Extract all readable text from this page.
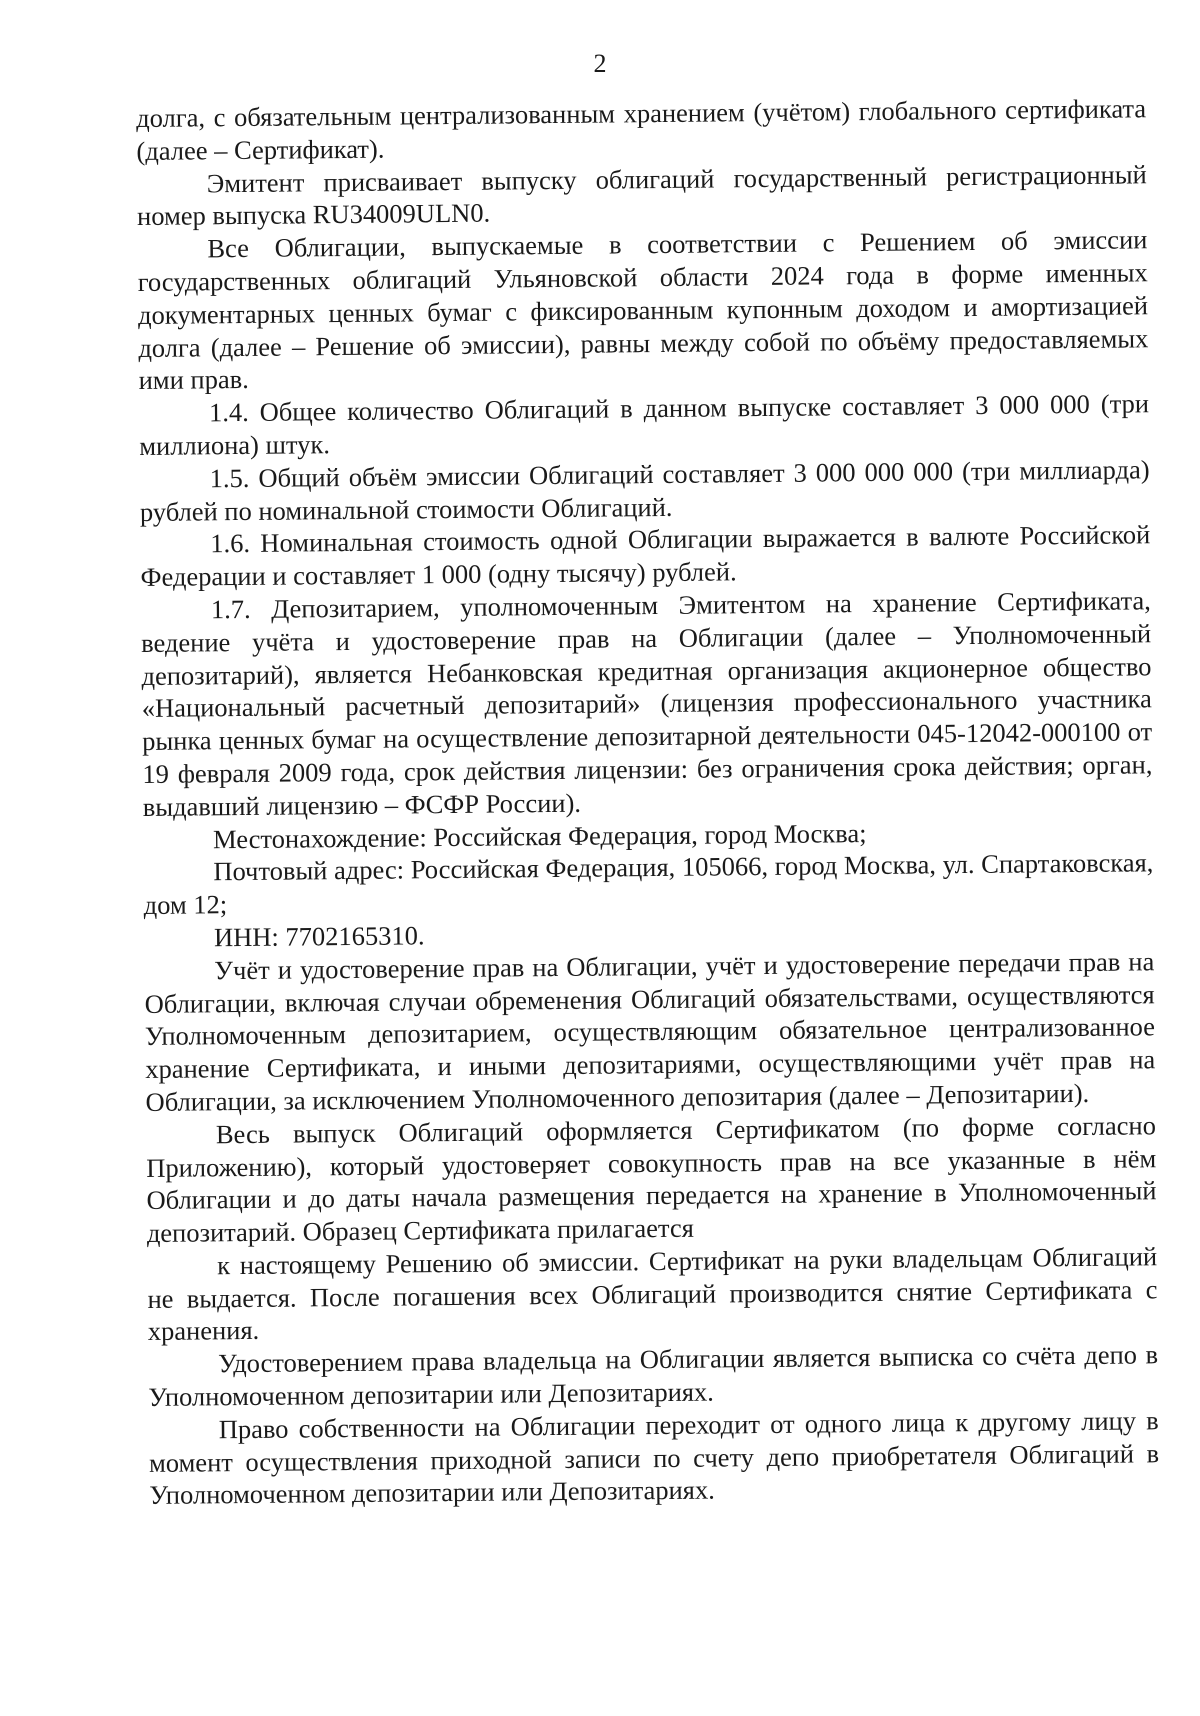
2

долга, с обязательным централизованным хранением (учётом) глобального сертификата (далее – Сертификат).

Эмитент присваивает выпуску облигаций государственный регистрационный номер выпуска RU34009ULN0.

Все Облигации, выпускаемые в соответствии с Решением об эмиссии государственных облигаций Ульяновской области 2024 года в форме именных документарных ценных бумаг с фиксированным купонным доходом и амортизацией долга (далее – Решение об эмиссии), равны между собой по объёму предоставляемых ими прав.

1.4. Общее количество Облигаций в данном выпуске составляет 3 000 000 (три миллиона) штук.

1.5. Общий объём эмиссии Облигаций составляет 3 000 000 000 (три миллиарда) рублей по номинальной стоимости Облигаций.

1.6. Номинальная стоимость одной Облигации выражается в валюте Российской Федерации и составляет 1 000 (одну тысячу) рублей.

1.7. Депозитарием, уполномоченным Эмитентом на хранение Сертификата, ведение учёта и удостоверение прав на Облигации (далее – Уполномоченный депозитарий), является Небанковская кредитная организация акционерное общество «Национальный расчетный депозитарий» (лицензия профессионального участника рынка ценных бумаг на осуществление депозитарной деятельности 045-12042-000100 от 19 февраля 2009 года, срок действия лицензии: без ограничения срока действия; орган, выдавший лицензию – ФСФР России).

Местонахождение: Российская Федерация, город Москва;

Почтовый адрес: Российская Федерация, 105066, город Москва, ул. Спартаковская, дом 12;

ИНН: 7702165310.

Учёт и удостоверение прав на Облигации, учёт и удостоверение передачи прав на Облигации, включая случаи обременения Облигаций обязательствами, осуществляются Уполномоченным депозитарием, осуществляющим обязательное централизованное хранение Сертификата, и иными депозитариями, осуществляющими учёт прав на Облигации, за исключением Уполномоченного депозитария (далее – Депозитарии).

Весь выпуск Облигаций оформляется Сертификатом (по форме согласно Приложению), который удостоверяет совокупность прав на все указанные в нём Облигации и до даты начала размещения передается на хранение в Уполномоченный депозитарий. Образец Сертификата прилагается

к настоящему Решению об эмиссии. Сертификат на руки владельцам Облигаций не выдается. После погашения всех Облигаций производится снятие Сертификата с хранения.

Удостоверением права владельца на Облигации является выписка со счёта депо в Уполномоченном депозитарии или Депозитариях.

Право собственности на Облигации переходит от одного лица к другому лицу в момент осуществления приходной записи по счету депо приобретателя Облигаций в Уполномоченном депозитарии или Депозитариях.
